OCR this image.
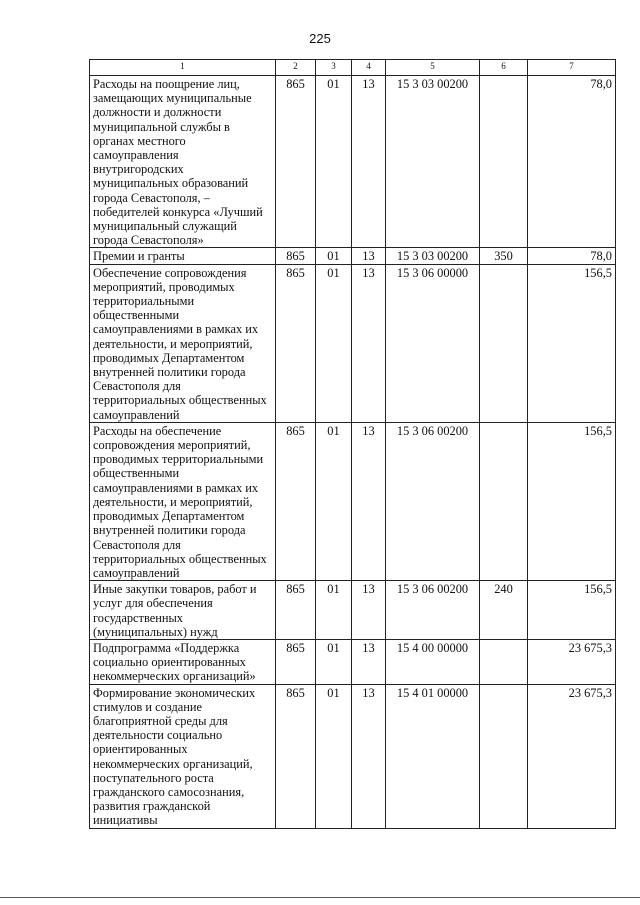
225
1	2	3	4	5	6	7
Расходы на поощрение лиц, замещающих муниципальные должности и должности муниципальной службы в органах местного самоуправления внутригородских муниципальных образований города Севастополя, – победителей конкурса «Лучший муниципальный служащий города Севастополя»	865	01	13	15 3 03 00200		78,0
Премии и гранты	865	01	13	15 3 03 00200	350	78,0
Обеспечение сопровождения мероприятий, проводимых территориальными общественными самоуправлениями в рамках их деятельности, и мероприятий, проводимых Департаментом внутренней политики города Севастополя для территориальных общественных самоуправлений	865	01	13	15 3 06 00000		156,5
Расходы на обеспечение сопровождения мероприятий, проводимых территориальными общественными самоуправлениями в рамках их деятельности, и мероприятий, проводимых Департаментом внутренней политики города Севастополя для территориальных общественных самоуправлений	865	01	13	15 3 06 00200		156,5
Иные закупки товаров, работ и услуг для обеспечения государственных (муниципальных) нужд	865	01	13	15 3 06 00200	240	156,5
Подпрограмма «Поддержка социально ориентированных некоммерческих организаций»	865	01	13	15 4 00 00000		23 675,3
Формирование экономических стимулов и создание благоприятной среды для деятельности социально ориентированных некоммерческих организаций, поступательного роста гражданского самосознания, развития гражданской инициативы	865	01	13	15 4 01 00000		23 675,3
